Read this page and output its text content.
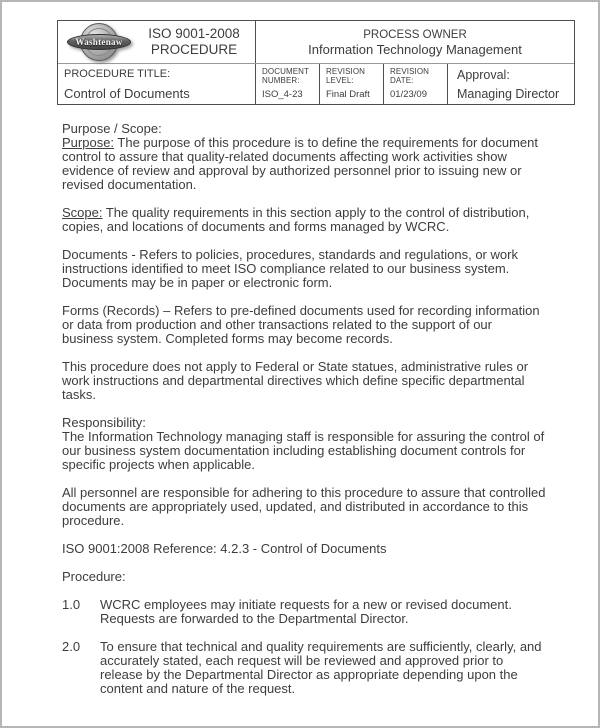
Washtenaw
ISO 9001-2008
PROCEDURE
PROCESS OWNER
Information Technology Management
PROCEDURE TITLE:
Control of Documents
DOCUMENT
NUMBER:
ISO_4-23
REVISION
LEVEL:
Final Draft
REVISION
DATE:
01/23/09
Approval:
Managing Director

Purpose / Scope:

Purpose: The purpose of this procedure is to define the requirements for document control to assure that quality-related documents affecting work activities show evidence of review and approval by authorized personnel prior to issuing new or revised documentation.

Scope: The quality requirements in this section apply to the control of distribution, copies, and locations of documents and forms managed by WCRC.

Documents - Refers to policies, procedures, standards and regulations, or work instructions identified to meet ISO compliance related to our business system. Documents may be in paper or electronic form.

Forms (Records) – Refers to pre-defined documents used for recording information or data from production and other transactions related to the support of our business system. Completed forms may become records.

This procedure does not apply to Federal or State statues, administrative rules or work instructions and departmental directives which define specific departmental tasks.

Responsibility:

The Information Technology managing staff is responsible for assuring the control of our business system documentation including establishing document controls for specific projects when applicable.

All personnel are responsible for adhering to this procedure to assure that controlled documents are appropriately used, updated, and distributed in accordance to this procedure.

ISO 9001:2008 Reference: 4.2.3 - Control of Documents

Procedure:

1.0	WCRC employees may initiate requests for a new or revised document. Requests are forwarded to the Departmental Director.
2.0	To ensure that technical and quality requirements are sufficiently, clearly, and accurately stated, each request will be reviewed and approved prior to release by the Departmental Director as appropriate depending upon the content and nature of the request.
